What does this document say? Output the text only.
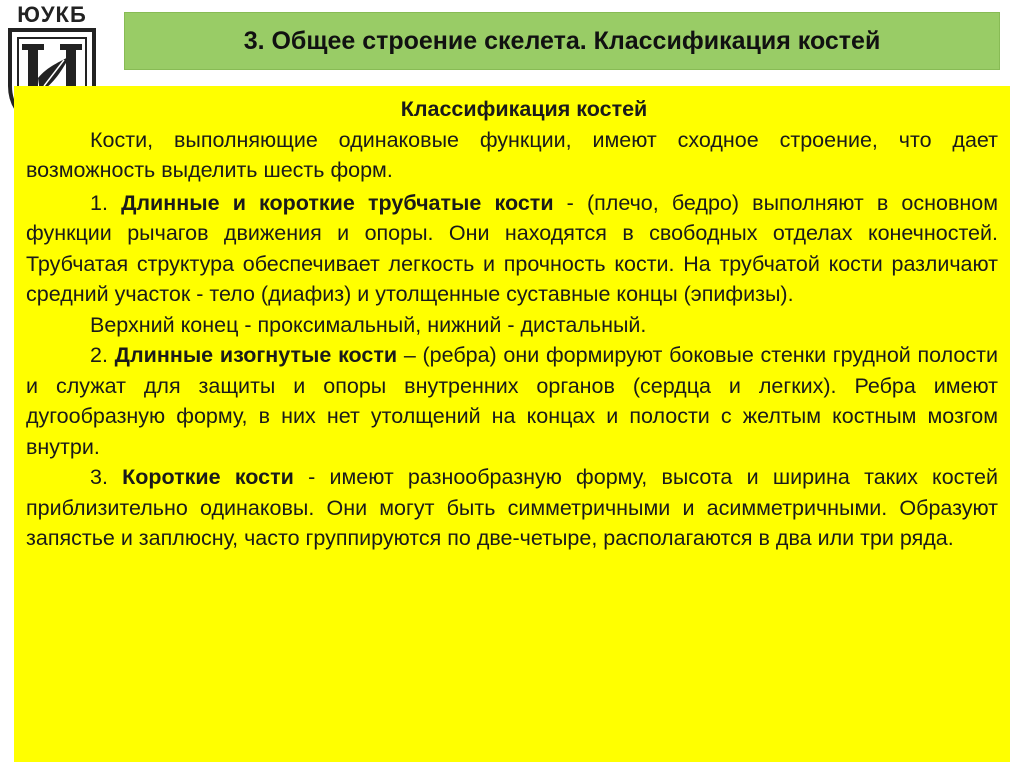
ЮУКБ
3. Общее строение скелета. Классификация костей

Классификация костей

Кости, выполняющие одинаковые функции, имеют сходное строение, что дает возможность выделить шесть форм.

1. Длинные и короткие трубчатые кости - (плечо, бедро) выполняют в основном функции рычагов движения и опоры. Они находятся в свободных отделах конечностей. Трубчатая структура обеспечивает легкость и прочность кости. На трубчатой кости различают средний участок - тело (диафиз) и утолщенные суставные концы (эпифизы).

Верхний конец - проксимальный, нижний - дистальный.

2. Длинные изогнутые кости – (ребра) они формируют боковые стенки грудной полости и служат для защиты и опоры внутренних органов (сердца и легких). Ребра имеют дугообразную форму, в них нет утолщений на концах и полости с желтым костным мозгом внутри.

3. Короткие кости - имеют разнообразную форму, высота и ширина таких костей приблизительно одинаковы. Они могут быть симметричными и асимметричными. Образуют запястье и заплюсну, часто группируются по две-четыре, располагаются в два или три ряда.
